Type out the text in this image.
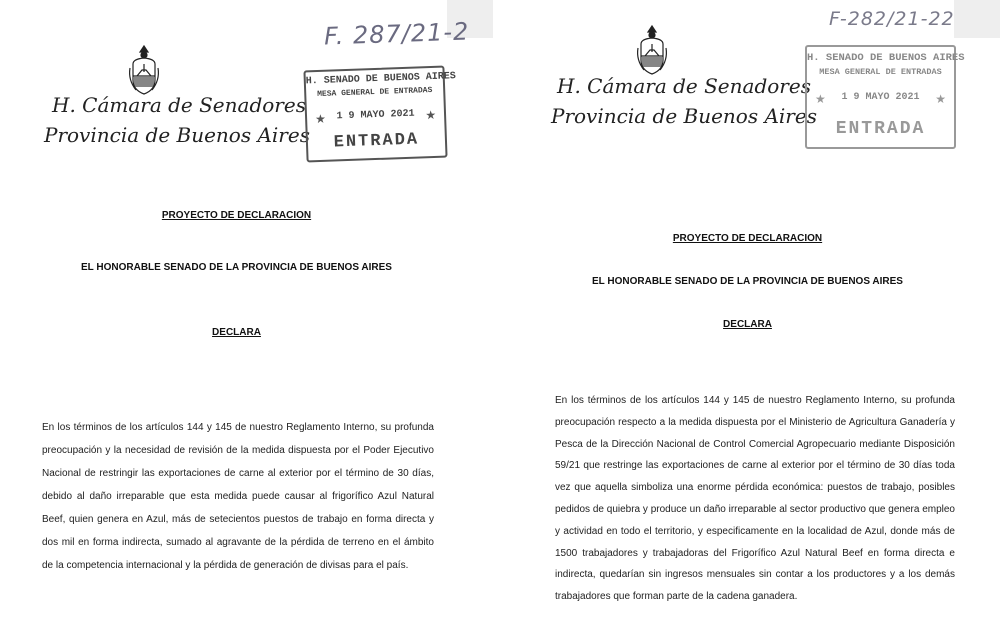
H. Cámara de Senadores
Provincia de Buenos Aires
F. 287/21-2
H. SENADO DE BUENOS AIRES
MESA GENERAL DE ENTRADAS
★	1 9 MAYO 2021 ★
ENTRADA
PROYECTO DE DECLARACION
EL HONORABLE SENADO DE LA PROVINCIA DE BUENOS AIRES
DECLARA
En los términos de los artículos 144 y 145 de nuestro Reglamento Interno, su profunda preocupación y la necesidad de revisión de la medida dispuesta por el Poder Ejecutivo Nacional de restringir las exportaciones de carne al exterior por el término de 30 días, debido al daño irreparable que esta medida puede causar al frigorífico Azul Natural Beef, quien genera en Azul, más de setecientos puestos de trabajo en forma directa y dos mil en forma indirecta, sumado al agravante de la pérdida de terreno en el ámbito de la competencia internacional y la pérdida de generación de divisas para el país.
H. Cámara de Senadores
Provincia de Buenos Aires
F-282/21-22
H. SENADO DE BUENOS AIRES
MESA GENERAL DE ENTRADAS
★	1 9 MAYO 2021	★
ENTRADA
PROYECTO DE DECLARACION
EL HONORABLE SENADO DE LA PROVINCIA DE BUENOS AIRES
DECLARA
En los términos de los artículos 144 y 145 de nuestro Reglamento Interno, su profunda preocupación respecto a la medida dispuesta por el Ministerio de Agricultura Ganadería y Pesca de la Dirección Nacional de Control Comercial Agropecuario mediante Disposición 59/21 que restringe las exportaciones de carne al exterior por el término de 30 días toda vez que aquella simboliza una enorme pérdida económica: puestos de trabajo, posibles pedidos de quiebra y produce un daño irreparable al sector productivo que genera empleo y actividad en todo el territorio, y especificamente en la localidad de Azul, donde más de 1500 trabajadores y trabajadoras del Frigorífico Azul Natural Beef en forma directa e indirecta, quedarían sin ingresos mensuales sin contar a los productores y a los demás trabajadores que forman parte de la cadena ganadera.
